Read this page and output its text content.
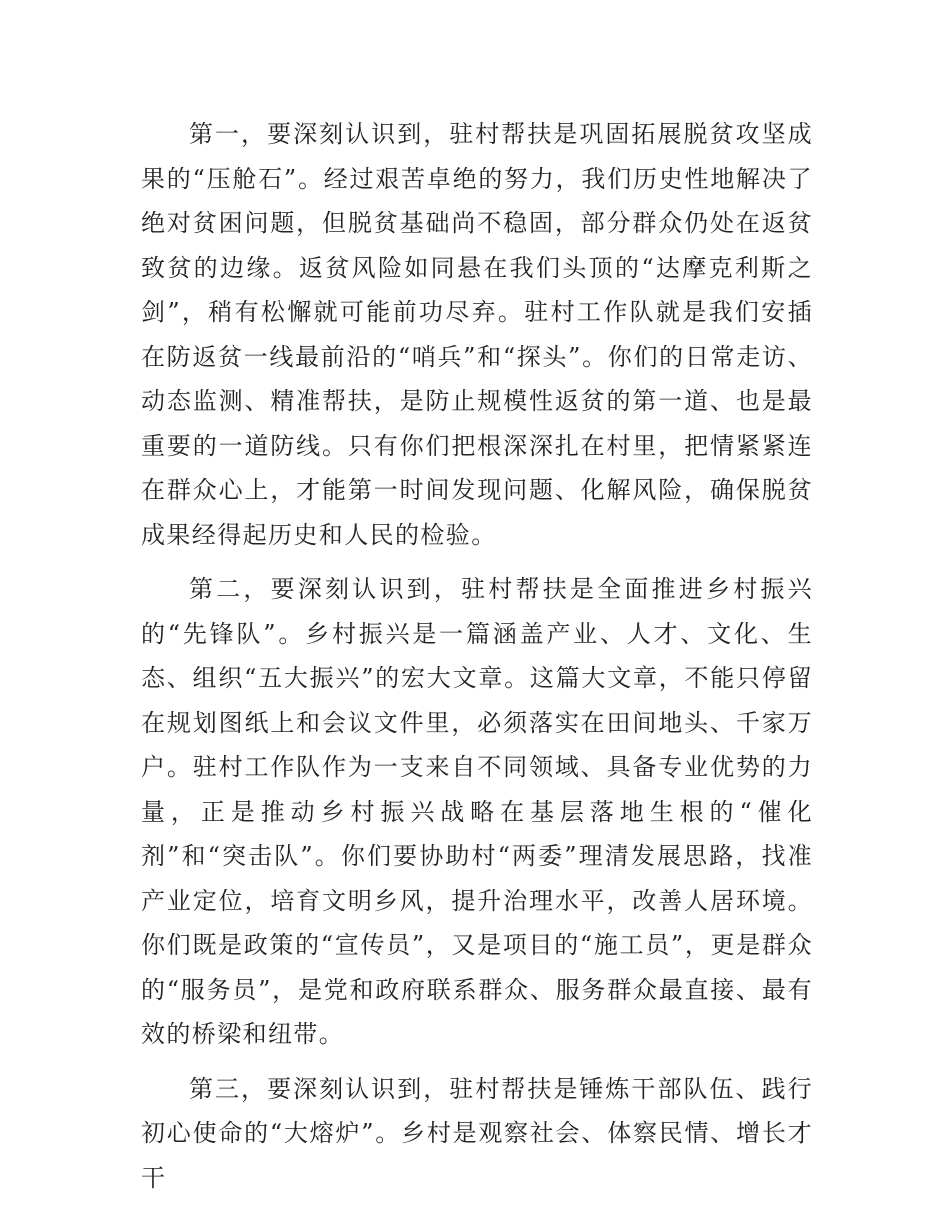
第一，要深刻认识到，驻村帮扶是巩固拓展脱贫攻坚成果的“压舱石”。经过艰苦卓绝的努力，我们历史性地解决了绝对贫困问题，但脱贫基础尚不稳固，部分群众仍处在返贫致贫的边缘。返贫风险如同悬在我们头顶的“达摩克利斯之剑”，稍有松懈就可能前功尽弃。驻村工作队就是我们安插在防返贫一线最前沿的“哨兵”和“探头”。你们的日常走访、动态监测、精准帮扶，是防止规模性返贫的第一道、也是最重要的一道防线。只有你们把根深深扎在村里，把情紧紧连在群众心上，才能第一时间发现问题、化解风险，确保脱贫成果经得起历史和人民的检验。

第二，要深刻认识到，驻村帮扶是全面推进乡村振兴的“先锋队”。乡村振兴是一篇涵盖产业、人才、文化、生态、组织“五大振兴”的宏大文章。这篇大文章，不能只停留在规划图纸上和会议文件里，必须落实在田间地头、千家万户。驻村工作队作为一支来自不同领域、具备专业优势的力量，正是推动乡村振兴战略在基层落地生根的“催化剂”和“突击队”。你们要协助村“两委”理清发展思路，找准产业定位，培育文明乡风，提升治理水平，改善人居环境。你们既是政策的“宣传员”，又是项目的“施工员”，更是群众的“服务员”，是党和政府联系群众、服务群众最直接、最有效的桥梁和纽带。

第三，要深刻认识到，驻村帮扶是锤炼干部队伍、践行初心使命的“大熔炉”。乡村是观察社会、体察民情、增长才干
